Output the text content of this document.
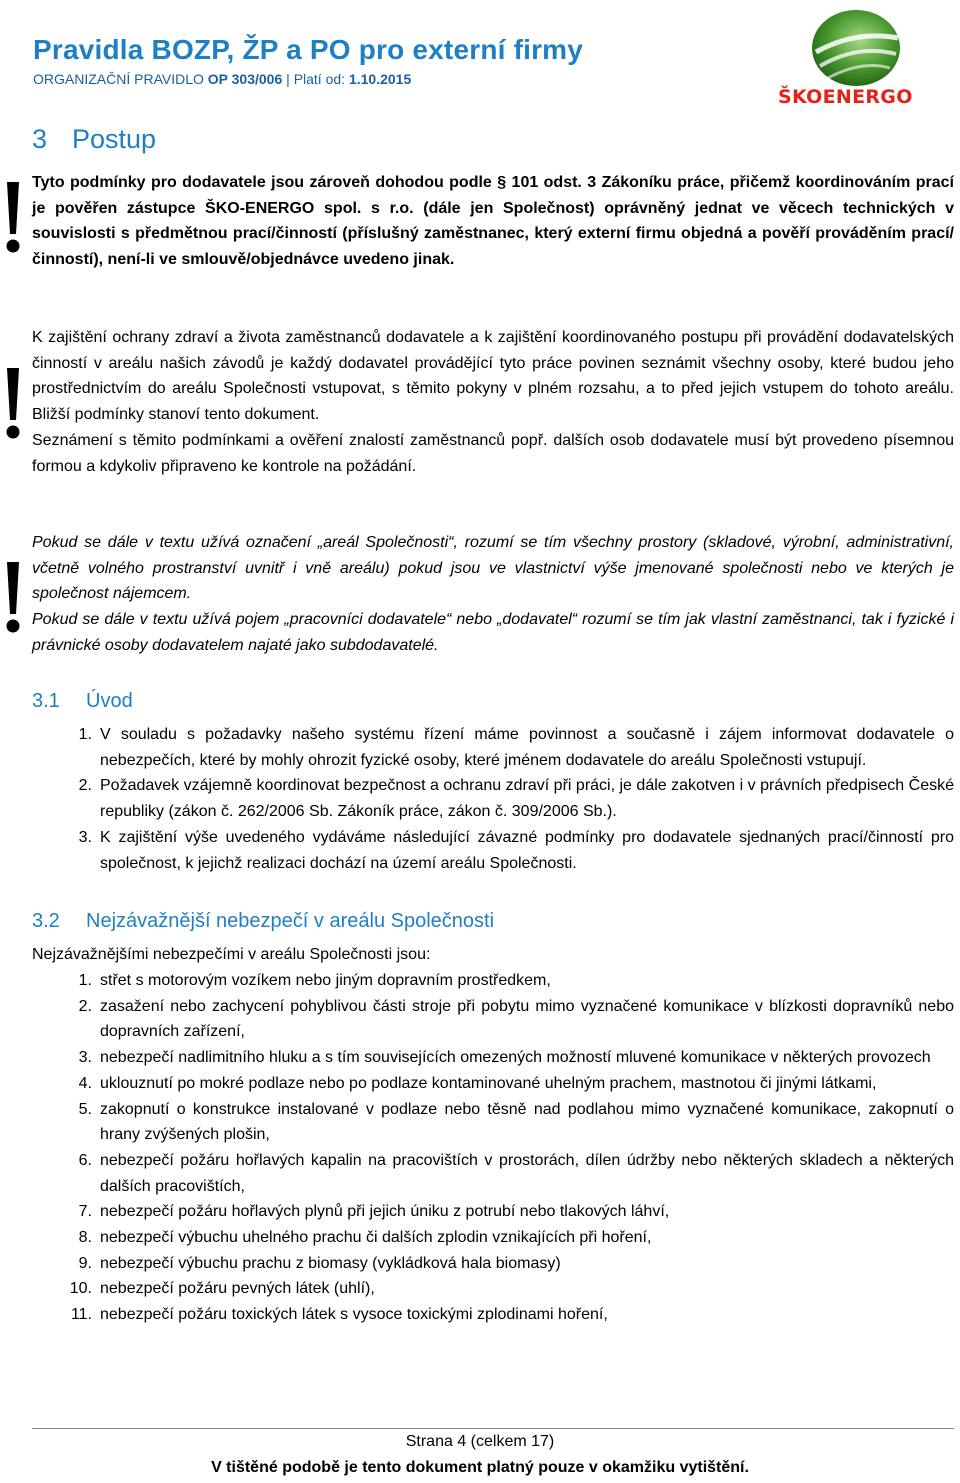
Pravidla BOZP, ŽP a PO pro externí firmy
ORGANIZAČNÍ PRAVIDLO OP 303/006 | Platí od: 1.10.2015
ŠKOENERGO
3 Postup
Tyto podmínky pro dodavatele jsou zároveň dohodou podle § 101 odst. 3 Zákoníku práce, přičemž koordinováním prací je pověřen zástupce ŠKO-ENERGO spol. s r.o. (dále jen Společnost) oprávněný jednat ve věcech technických v souvislosti s předmětnou prací/činností (příslušný zaměstnanec, který externí firmu objedná a pověří prováděním prací/činností), není-li ve smlouvě/objednávce uvedeno jinak.

K zajištění ochrany zdraví a života zaměstnanců dodavatele a k zajištění koordinovaného postupu při provádění dodavatelských činností v areálu našich závodů je každý dodavatel provádějící tyto práce povinen seznámit všechny osoby, které budou jeho prostřednictvím do areálu Společnosti vstupovat, s těmito pokyny v plném rozsahu, a to před jejich vstupem do tohoto areálu. Bližší podmínky stanoví tento dokument.

Seznámení s těmito podmínkami a ověření znalostí zaměstnanců popř. dalších osob dodavatele musí být provedeno písemnou formou a kdykoliv připraveno ke kontrole na požádání.

Pokud se dále v textu užívá označení „areál Společnosti“, rozumí se tím všechny prostory (skladové, výrobní, administrativní, včetně volného prostranství uvnitř i vně areálu) pokud jsou ve vlastnictví výše jmenované společnosti nebo ve kterých je společnost nájemcem.

Pokud se dále v textu užívá pojem „pracovníci dodavatele“ nebo „dodavatel“ rozumí se tím jak vlastní zaměstnanci, tak i fyzické i právnické osoby dodavatelem najaté jako subdodavatelé.

3.1 Úvod
1. V souladu s požadavky našeho systému řízení máme povinnost a současně i zájem informovat dodavatele o nebezpečích, které by mohly ohrozit fyzické osoby, které jménem dodavatele do areálu Společnosti vstupují.
2. Požadavek vzájemně koordinovat bezpečnost a ochranu zdraví při práci, je dále zakotven i v právních předpisech České republiky (zákon č. 262/2006 Sb. Zákoník práce, zákon č. 309/2006 Sb.).
3. K zajištění výše uvedeného vydáváme následující závazné podmínky pro dodavatele sjednaných prací/činností pro společnost, k jejichž realizaci dochází na území areálu Společnosti.
3.2 Nejzávažnější nebezpečí v areálu Společnosti
Nejzávažnějšími nebezpečími v areálu Společnosti jsou:
1. střet s motorovým vozíkem nebo jiným dopravním prostředkem,
2. zasažení nebo zachycení pohyblivou části stroje při pobytu mimo vyznačené komunikace v blízkosti dopravníků nebo dopravních zařízení,
3. nebezpečí nadlimitního hluku a s tím souvisejících omezených možností mluvené komunikace v některých provozech
4. uklouznutí po mokré podlaze nebo po podlaze kontaminované uhelným prachem, mastnotou či jinými látkami,
5. zakopnutí o konstrukce instalované v podlaze nebo těsně nad podlahou mimo vyznačené komunikace, zakopnutí o hrany zvýšených plošin,
6. nebezpečí požáru hořlavých kapalin na pracovištích v prostorách, dílen údržby nebo některých skladech a některých dalších pracovištích,
7. nebezpečí požáru hořlavých plynů při jejich úniku z potrubí nebo tlakových láhví,
8. nebezpečí výbuchu uhelného prachu či dalších zplodin vznikajících při hoření,
9. nebezpečí výbuchu prachu z biomasy (vykládková hala biomasy)
10. nebezpečí požáru pevných látek (uhlí),
11. nebezpečí požáru toxických látek s vysoce toxickými zplodinami hoření,
Strana 4 (celkem 17)
V tištěné podobě je tento dokument platný pouze v okamžiku vytištění.
